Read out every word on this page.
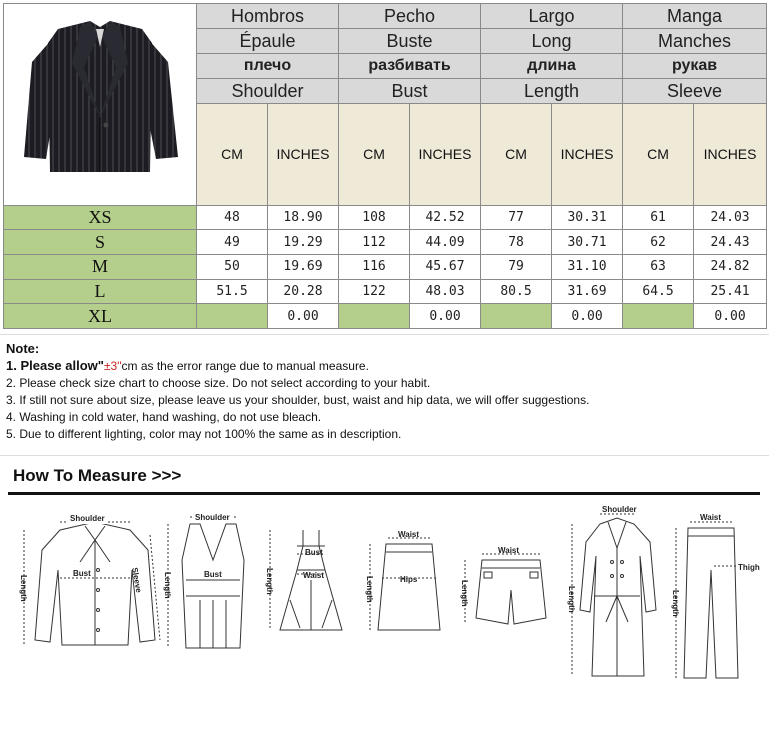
	Hombros		Pecho		Largo		Manga	
	Épaule		Buste		Long		Manches	
	плечо		разбивать		длина		рукав	
	Shoulder		Bust		Length		Sleeve	
	CM	INCHES	CM	INCHES	CM	INCHES	CM	INCHES
XS	48	18.90	108	42.52	77	30.31	61	24.03
S	49	19.29	112	44.09	78	30.71	62	24.43
M	50	19.69	116	45.67	79	31.10	63	24.82
L	51.5	20.28	122	48.03	80.5	31.69	64.5	25.41
XL		0.00		0.00		0.00		0.00
Note:
1. Please allow"±3"cm as the error range due to manual measure.
2. Please check size chart to choose size. Do not select according to your habit.
3. If still not sure about size, please leave us your shoulder, bust, waist and hip data, we will offer suggestions.
4. Washing in cold water, hand washing, do not use bleach.
5. Due to different lighting, color may not 100% the same as in description.
How To Measure >>>
Shoulder
Bust
Length	Sleeve
Shoulder
Bust
Length
Bust
Waist
Length
Waist
Hips
Length
Waist
Length
Shoulder
Length
Waist
Thigh
Length
